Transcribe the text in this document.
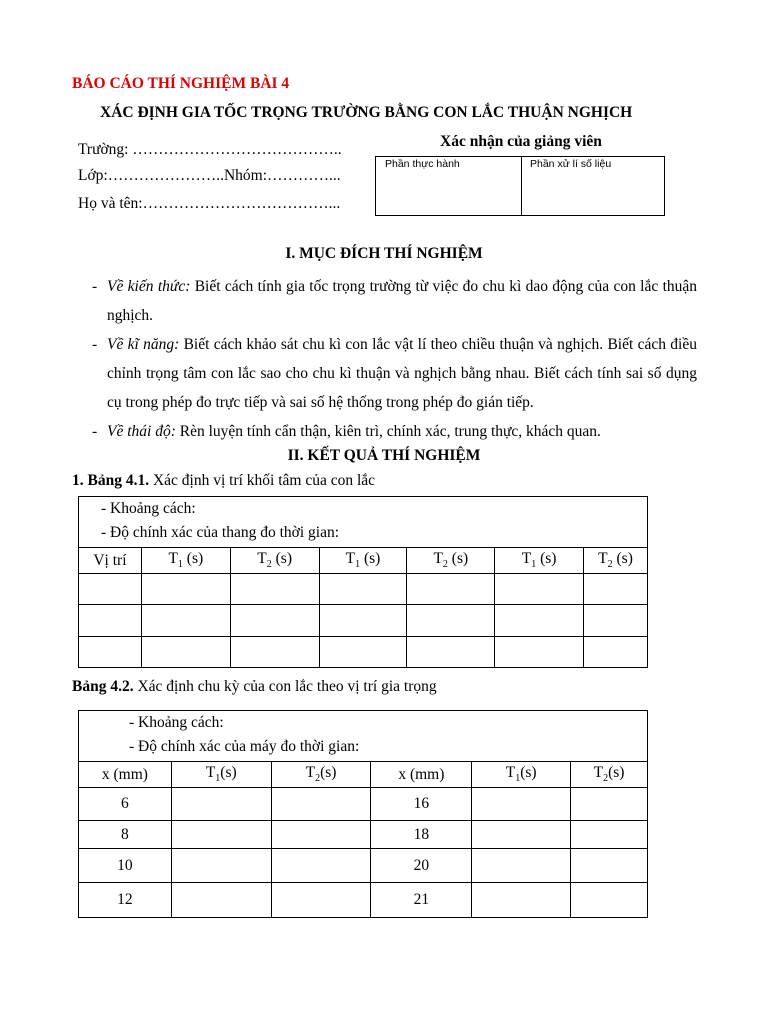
BÁO CÁO THÍ NGHIỆM BÀI 4
XÁC ĐỊNH GIA TỐC TRỌNG TRƯỜNG BẰNG CON LẮC THUẬN NGHỊCH
Trường: …………………………………..
Lớp:…………………..Nhóm:…………...
Họ và tên:………………………………...
Xác nhận của giảng viên
Phần thực hành	Phần xử lí số liệu
I. MỤC ĐÍCH THÍ NGHIỆM
- Về kiến thức: Biết cách tính gia tốc trọng trường từ việc đo chu kì dao động của con lắc thuận nghịch.
- Về kĩ năng: Biết cách khảo sát chu kì con lắc vật lí theo chiều thuận và nghịch. Biết cách điều chỉnh trọng tâm con lắc sao cho chu kì thuận và nghịch bằng nhau. Biết cách tính sai số dụng cụ trong phép đo trực tiếp và sai số hệ thống trong phép đo gián tiếp.
- Về thái độ: Rèn luyện tính cẩn thận, kiên trì, chính xác, trung thực, khách quan.
II. KẾT QUẢ THÍ NGHIỆM
1. Bảng 4.1. Xác định vị trí khối tâm của con lắc
- Khoảng cách:
- Độ chính xác của thang đo thời gian:						

Vị trí	$T_1$ (s)	$T_2$ (s)	$T_1$ (s)	$T_2$ (s)	$T_1$ (s)	$T_2$ (s)

Bảng 4.2. Xác định chu kỳ của con lắc theo vị trí gia trọng
- Khoảng cách:
- Độ chính xác của máy đo thời gian:					

x (mm)	$T_1(s)$	$T_2(s)$	x (mm)	$T_1(s)$	$T_2(s)$
6			16		
8			18		
10			20		
12			21		
